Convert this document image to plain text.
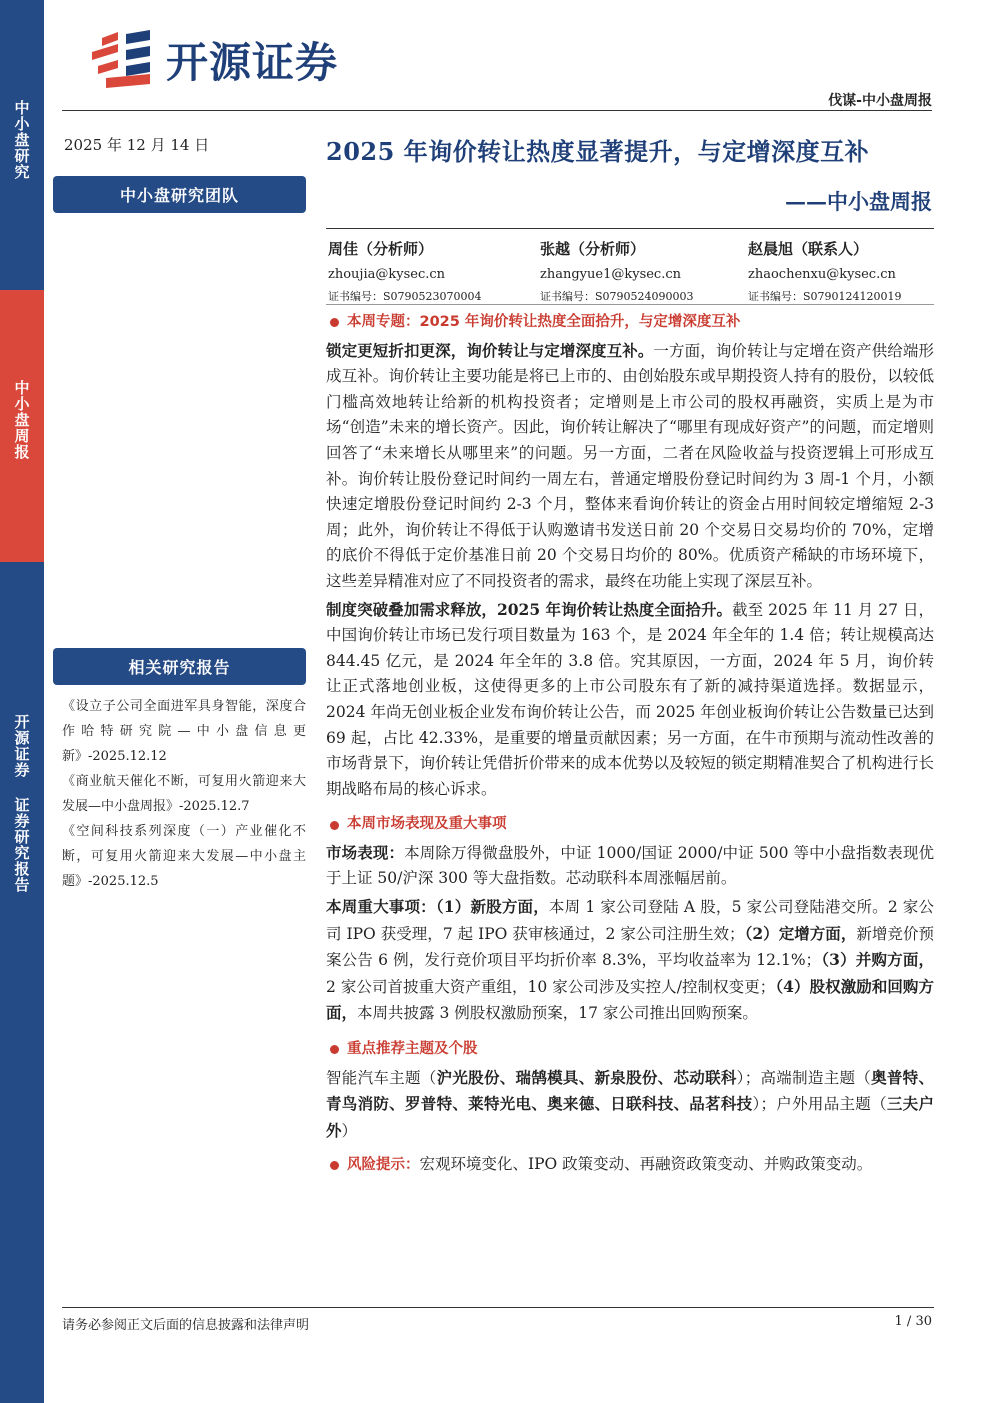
中小盘研究
中小盘周报
开源证券 证券研究报告
开源证券
伐谋-中小盘周报
2025 年 12 月 14 日
中小盘研究团队
2025 年询价转让热度显著提升，与定增深度互补
——中小盘周报
周佳（分析师）
zhoujia@kysec.cn
证书编号：S0790523070004
张越（分析师）
zhangyue1@kysec.cn
证书编号：S0790524090003
赵晨旭（联系人）
zhaochenxu@kysec.cn
证书编号：S0790124120019
本周专题：2025 年询价转让热度全面拾升，与定增深度互补
锁定更短折扣更深，询价转让与定增深度互补。一方面，询价转让与定增在资产供给端形成互补。询价转让主要功能是将已上市的、由创始股东或早期投资人持有的股份，以较低门槛高效地转让给新的机构投资者；定增则是上市公司的股权再融资，实质上是为市场“创造”未来的增长资产。因此，询价转让解决了“哪里有现成好资产”的问题，而定增则回答了“未来增长从哪里来”的问题。另一方面，二者在风险收益与投资逻辑上可形成互补。询价转让股份登记时间约一周左右，普通定增股份登记时间约为 3 周-1 个月，小额快速定增股份登记时间约 2-3 个月，整体来看询价转让的资金占用时间较定增缩短 2-3 周；此外，询价转让不得低于认购邀请书发送日前 20 个交易日交易均价的 70%，定增的底价不得低于定价基准日前 20 个交易日均价的 80%。优质资产稀缺的市场环境下，这些差异精准对应了不同投资者的需求，最终在功能上实现了深层互补。
制度突破叠加需求释放，2025 年询价转让热度全面拾升。截至 2025 年 11 月 27 日，中国询价转让市场已发行项目数量为 163 个，是 2024 年全年的 1.4 倍；转让规模高达 844.45 亿元，是 2024 年全年的 3.8 倍。究其原因，一方面，2024 年 5 月，询价转让正式落地创业板，这使得更多的上市公司股东有了新的减持渠道选择。数据显示，2024 年尚无创业板企业发布询价转让公告，而 2025 年创业板询价转让公告数量已达到 69 起，占比 42.33%，是重要的增量贡献因素；另一方面，在牛市预期与流动性改善的市场背景下，询价转让凭借折价带来的成本优势以及较短的锁定期精准契合了机构进行长期战略布局的核心诉求。
本周市场表现及重大事项
市场表现：本周除万得微盘股外，中证 1000/国证 2000/中证 500 等中小盘指数表现优于上证 50/沪深 300 等大盘指数。芯动联科本周涨幅居前。
本周重大事项：（1）新股方面，本周 1 家公司登陆 A 股，5 家公司登陆港交所。2 家公司 IPO 获受理，7 起 IPO 获审核通过，2 家公司注册生效；（2）定增方面，新增竞价预案公告 6 例，发行竞价项目平均折价率 8.3%，平均收益率为 12.1%；（3）并购方面，2 家公司首披重大资产重组，10 家公司涉及实控人/控制权变更；（4）股权激励和回购方面，本周共披露 3 例股权激励预案，17 家公司推出回购预案。
重点推荐主题及个股
智能汽车主题（沪光股份、瑞鹄模具、新泉股份、芯动联科）；高端制造主题（奥普特、青鸟消防、罗普特、莱特光电、奥来德、日联科技、品茗科技）；户外用品主题（三夫户外）
风险提示： 宏观环境变化、IPO 政策变动、再融资政策变动、并购政策变动。
相关研究报告
《设立子公司全面进军具身智能，深度合作哈特研究院—中小盘信息更新》-2025.12.12
《商业航天催化不断，可复用火箭迎来大发展—中小盘周报》-2025.12.7
《空间科技系列深度（一）产业催化不断，可复用火箭迎来大发展—中小盘主题》-2025.12.5
请务必参阅正文后面的信息披露和法律声明	1 / 30
